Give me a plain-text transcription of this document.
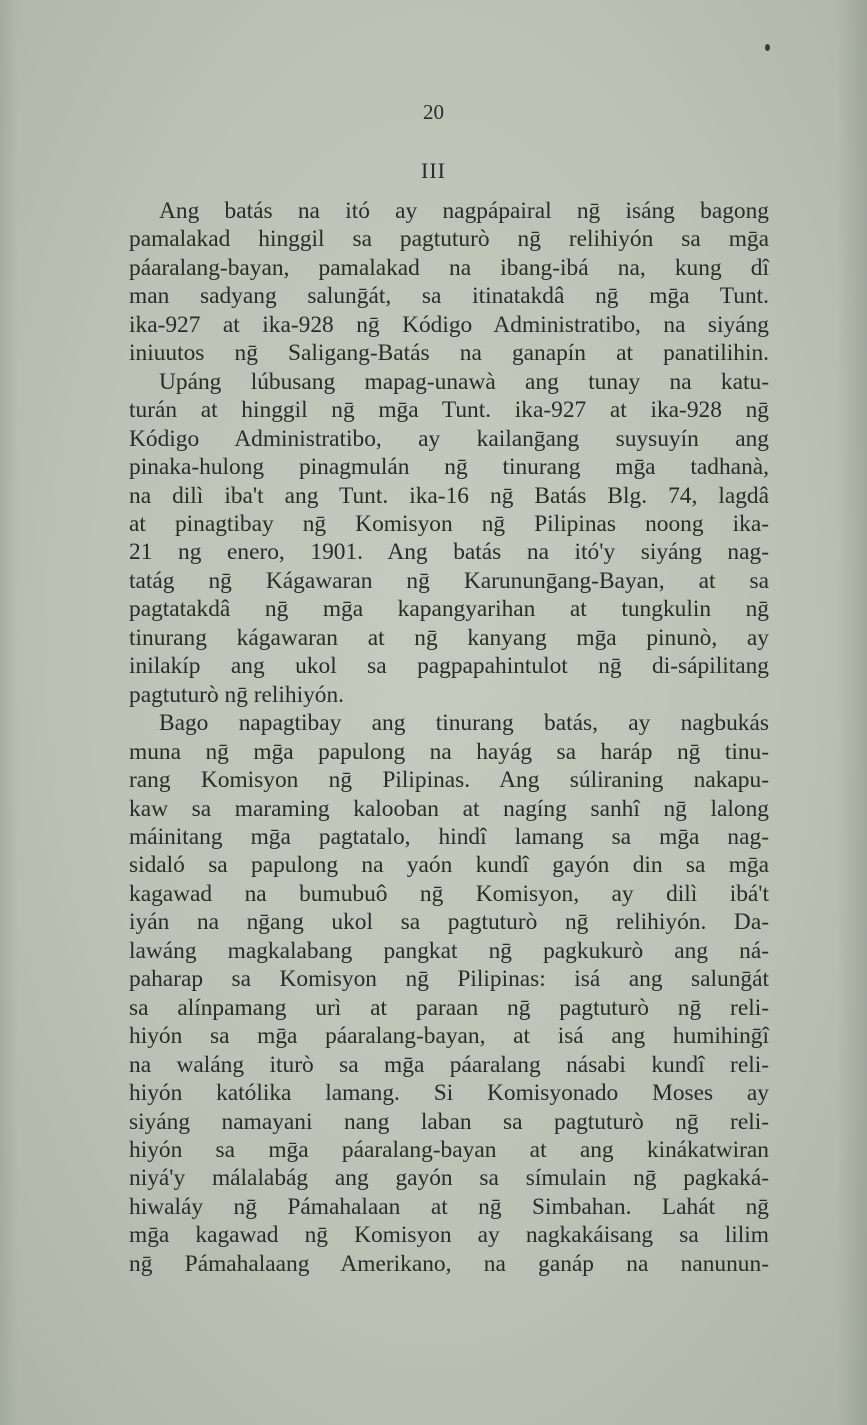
20

III

Ang batás na itó ay nagpápairal nḡ isáng bagong
pamalakad hinggil sa pagtuturò nḡ relihiyón sa mḡa
páaralang-bayan, pamalakad na ibang-ibá na, kung dî
man sadyang salunḡát, sa itinatakdâ nḡ mḡa Tunt.
ika-927 at ika-928 nḡ Kódigo Administratibo, na siyáng
iniuutos nḡ Saligang-Batás na ganapín at panatilihin.

Upáng lúbusang mapag-unawà ang tunay na katu-
turán at hinggil nḡ mḡa Tunt. ika-927 at ika-928 nḡ
Kódigo Administratibo, ay kailanḡang suysuyín ang
pinaka-hulong pinagmulán nḡ tinurang mḡa tadhanà,
na dilì iba't ang Tunt. ika-16 nḡ Batás Blg. 74, lagdâ
at pinagtibay nḡ Komisyon nḡ Pilipinas noong ika-
21 ng enero, 1901. Ang batás na itó'y siyáng nag-
tatág nḡ Kágawaran nḡ Karununḡang-Bayan, at sa
pagtatakdâ nḡ mḡa kapangyarihan at tungkulin nḡ
tinurang kágawaran at nḡ kanyang mḡa pinunò, ay
inilakíp ang ukol sa pagpapahintulot nḡ di-sápilitang
pagtuturò nḡ relihiyón.

Bago napagtibay ang tinurang batás, ay nagbukás
muna nḡ mḡa papulong na hayág sa haráp nḡ tinu-
rang Komisyon nḡ Pilipinas. Ang súliraning nakapu-
kaw sa maraming kalooban at nagíng sanhî nḡ lalong
máinitang mḡa pagtatalo, hindî lamang sa mḡa nag-
sidaló sa papulong na yaón kundî gayón din sa mḡa
kagawad na bumubuô nḡ Komisyon, ay dilì ibá't
iyán na nḡang ukol sa pagtuturò nḡ relihiyón. Da-
lawáng magkalabang pangkat nḡ pagkukurò ang ná-
paharap sa Komisyon nḡ Pilipinas: isá ang salunḡát
sa alínpamang urì at paraan nḡ pagtuturò nḡ reli-
hiyón sa mḡa páaralang-bayan, at isá ang humihinḡî
na waláng iturò sa mḡa páaralang násabi kundî reli-
hiyón katólika lamang. Si Komisyonado Moses ay
siyáng namayani nang laban sa pagtuturò nḡ reli-
hiyón sa mḡa páaralang-bayan at ang kinákatwiran
niyá'y málalabág ang gayón sa símulain nḡ pagkaká-
hiwaláy nḡ Pámahalaan at nḡ Simbahan. Lahát nḡ
mḡa kagawad nḡ Komisyon ay nagkakáisang sa lilim
nḡ Pámahalaang Amerikano, na ganáp na nanunun-
